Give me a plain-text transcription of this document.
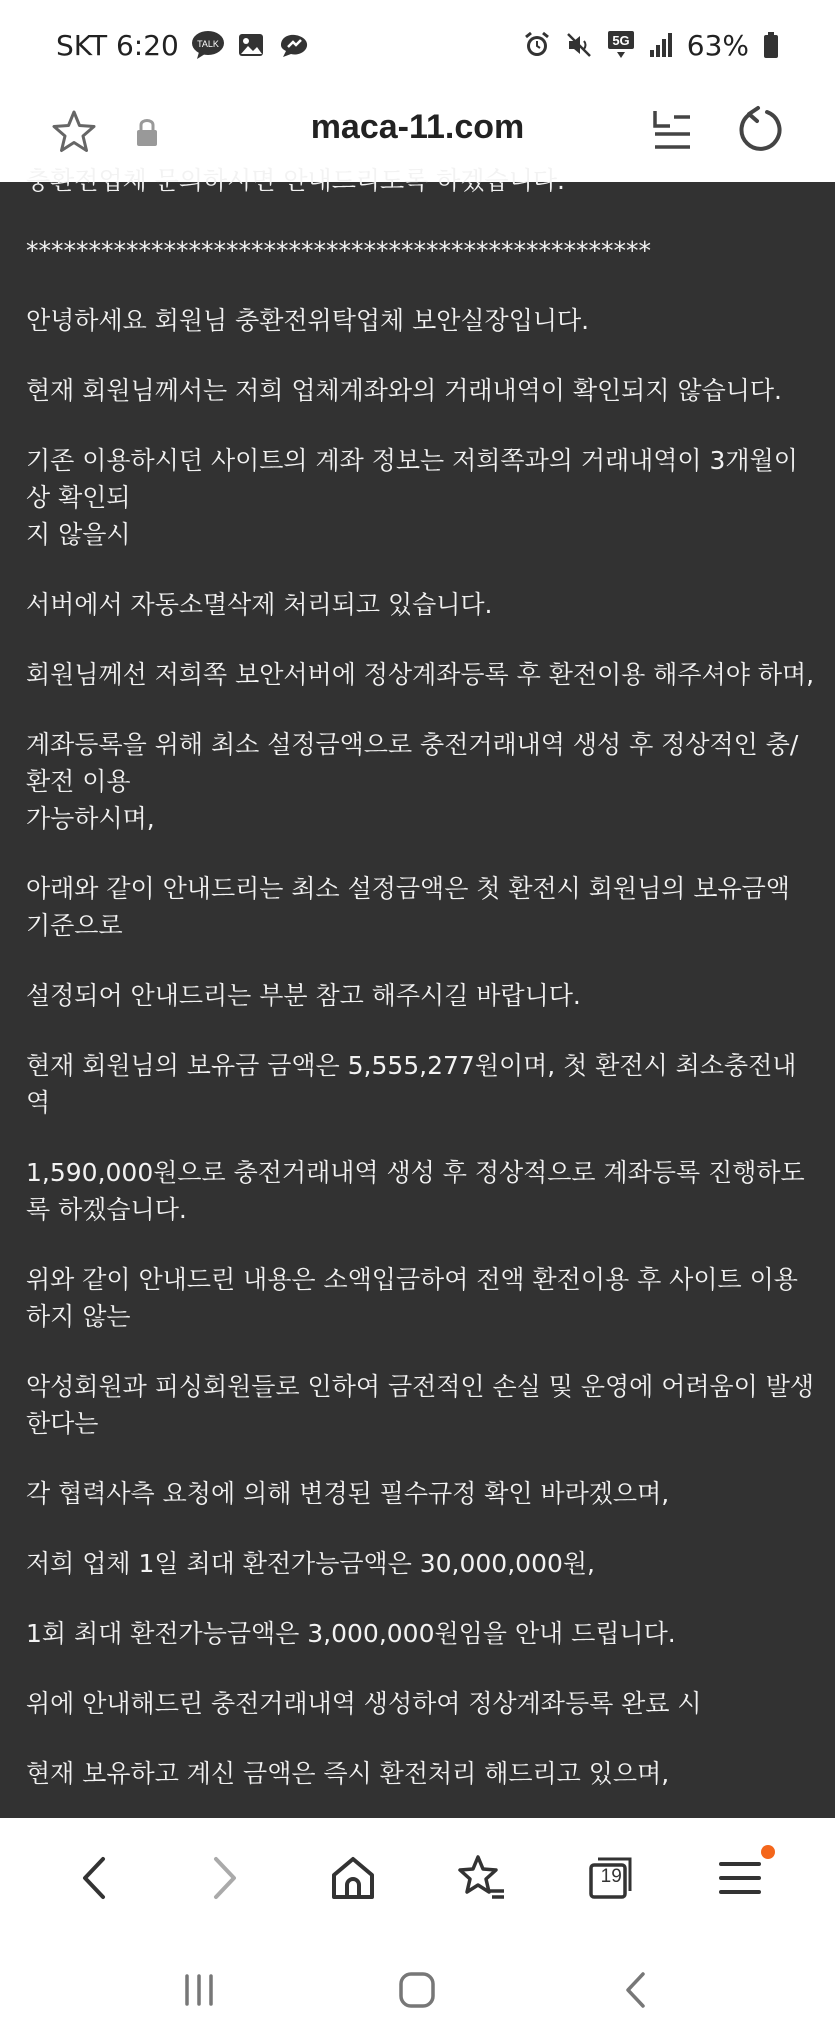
SKT 6:20 TALK	5G 63%
maca-11.com
충환전업체 문의하시면 안내드리도록 하겠습니다.
**************************************************
안녕하세요 회원님 충환전위탁업체 보안실장입니다.
현재 회원님께서는 저희 업체계좌와의 거래내역이 확인되지 않습니다.
기존 이용하시던 사이트의 계좌 정보는 저희쪽과의 거래내역이 3개월이상 확인되
지 않을시
서버에서 자동소멸삭제 처리되고 있습니다.
회원님께선 저희쪽 보안서버에 정상계좌등록 후 환전이용 해주셔야 하며,
계좌등록을 위해 최소 설정금액으로 충전거래내역 생성 후 정상적인 충/환전 이용
가능하시며,
아래와 같이 안내드리는 최소 설정금액은 첫 환전시 회원님의 보유금액 기준으로
설정되어 안내드리는 부분 참고 해주시길 바랍니다.
현재 회원님의 보유금 금액은 5,555,277원이며, 첫 환전시 최소충전내역
1,590,000원으로 충전거래내역 생성 후 정상적으로 계좌등록 진행하도록 하겠습니다.
위와 같이 안내드린 내용은 소액입금하여 전액 환전이용 후 사이트 이용하지 않는
악성회원과 피싱회원들로 인하여 금전적인 손실 및 운영에 어려움이 발생한다는
각 협력사측 요청에 의해 변경된 필수규정 확인 바라겠으며,
저희 업체 1일 최대 환전가능금액은 30,000,000원,
1회 최대 환전가능금액은 3,000,000원임을 안내 드립니다.
위에 안내해드린 충전거래내역 생성하여 정상계좌등록 완료 시
현재 보유하고 계신 금액은 즉시 환전처리 해드리고 있으며,
19
